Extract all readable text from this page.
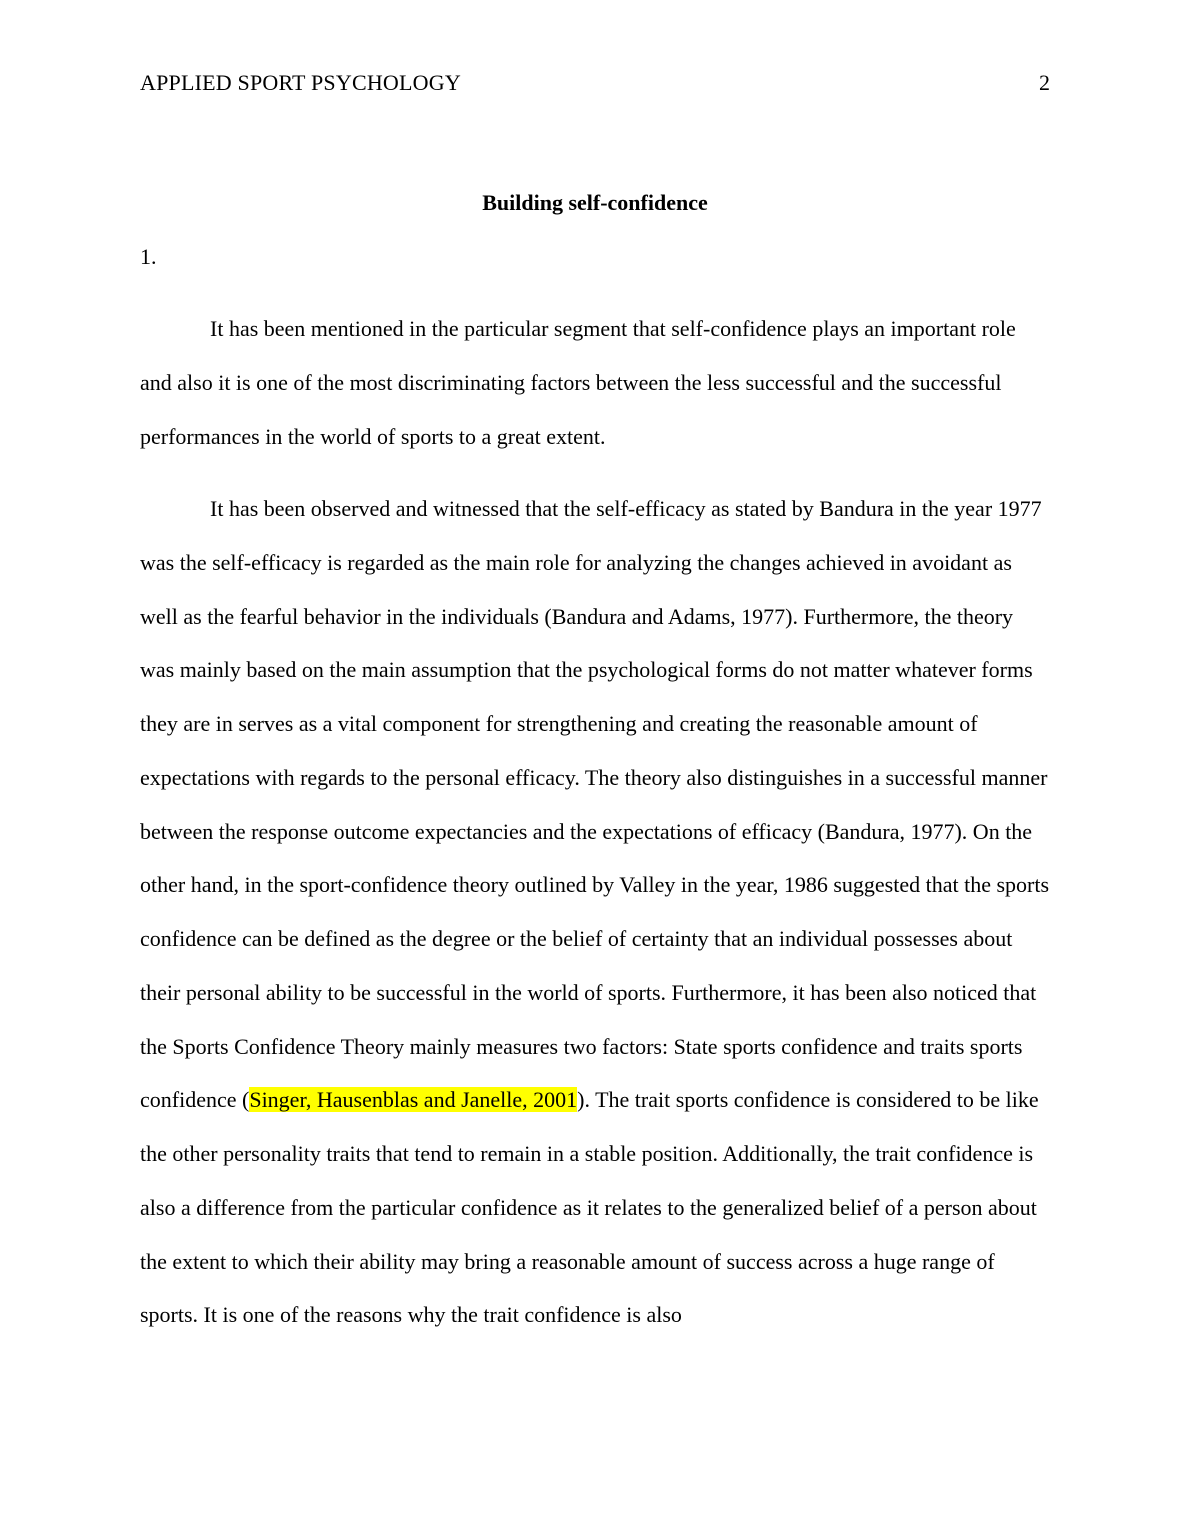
APPLIED SPORT PSYCHOLOGY	2
Building self-confidence
1.

It has been mentioned in the particular segment that self-confidence plays an important role and also it is one of the most discriminating factors between the less successful and the successful performances in the world of sports to a great extent.

It has been observed and witnessed that the self-efficacy as stated by Bandura in the year 1977 was the self-efficacy is regarded as the main role for analyzing the changes achieved in avoidant as well as the fearful behavior in the individuals (Bandura and Adams, 1977). Furthermore, the theory was mainly based on the main assumption that the psychological forms do not matter whatever forms they are in serves as a vital component for strengthening and creating the reasonable amount of expectations with regards to the personal efficacy. The theory also distinguishes in a successful manner between the response outcome expectancies and the expectations of efficacy (Bandura, 1977). On the other hand, in the sport-confidence theory outlined by Valley in the year, 1986 suggested that the sports confidence can be defined as the degree or the belief of certainty that an individual possesses about their personal ability to be successful in the world of sports. Furthermore, it has been also noticed that the Sports Confidence Theory mainly measures two factors: State sports confidence and traits sports confidence (Singer, Hausenblas and Janelle, 2001). The trait sports confidence is considered to be like the other personality traits that tend to remain in a stable position. Additionally, the trait confidence is also a difference from the particular confidence as it relates to the generalized belief of a person about the extent to which their ability may bring a reasonable amount of success across a huge range of sports. It is one of the reasons why the trait confidence is also
